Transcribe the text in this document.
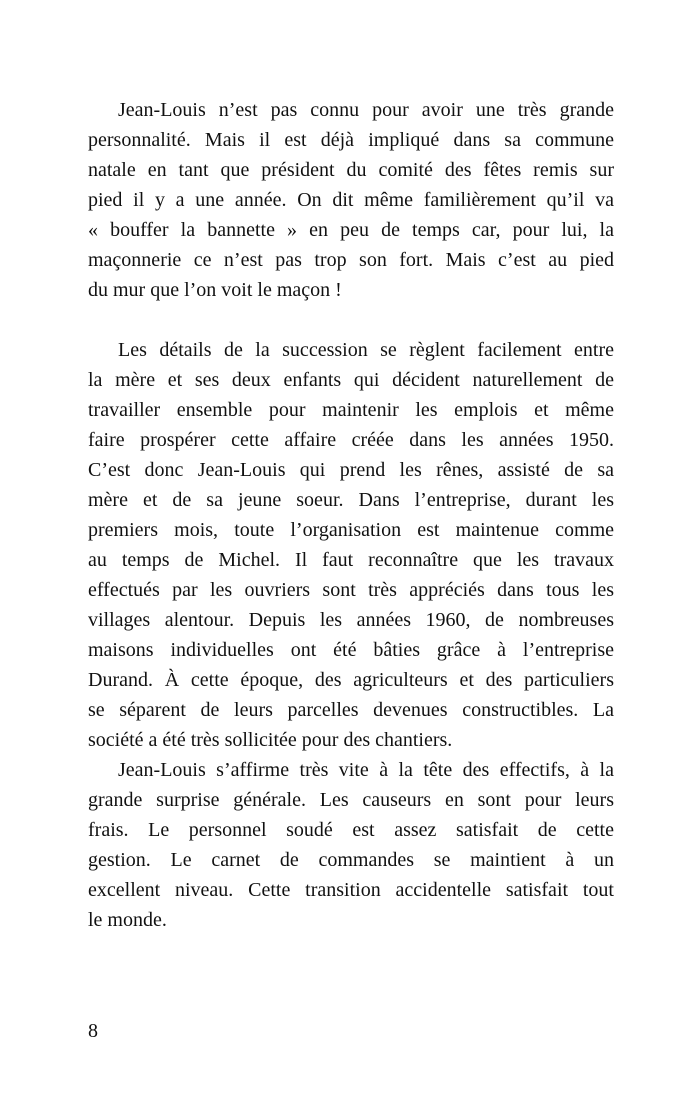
Jean-Louis n’est pas connu pour avoir une très grande
personnalité. Mais il est déjà impliqué dans sa commune
natale en tant que président du comité des fêtes remis sur
pied il y a une année. On dit même familièrement qu’il va
« bouffer la bannette » en peu de temps car, pour lui, la
maçonnerie ce n’est pas trop son fort. Mais c’est au pied
du mur que l’on voit le maçon !
Les détails de la succession se règlent facilement entre
la mère et ses deux enfants qui décident naturellement de
travailler ensemble pour maintenir les emplois et même
faire prospérer cette affaire créée dans les années 1950.
C’est donc Jean-Louis qui prend les rênes, assisté de sa
mère et de sa jeune soeur. Dans l’entreprise, durant les
premiers mois, toute l’organisation est maintenue comme
au temps de Michel. Il faut reconnaître que les travaux
effectués par les ouvriers sont très appréciés dans tous les
villages alentour. Depuis les années 1960, de nombreuses
maisons individuelles ont été bâties grâce à l’entreprise
Durand. À cette époque, des agriculteurs et des particuliers
se séparent de leurs parcelles devenues constructibles. La
société a été très sollicitée pour des chantiers.
Jean-Louis s’affirme très vite à la tête des effectifs, à la
grande surprise générale. Les causeurs en sont pour leurs
frais. Le personnel soudé est assez satisfait de cette
gestion. Le carnet de commandes se maintient à un
excellent niveau. Cette transition accidentelle satisfait tout
le monde.
8
